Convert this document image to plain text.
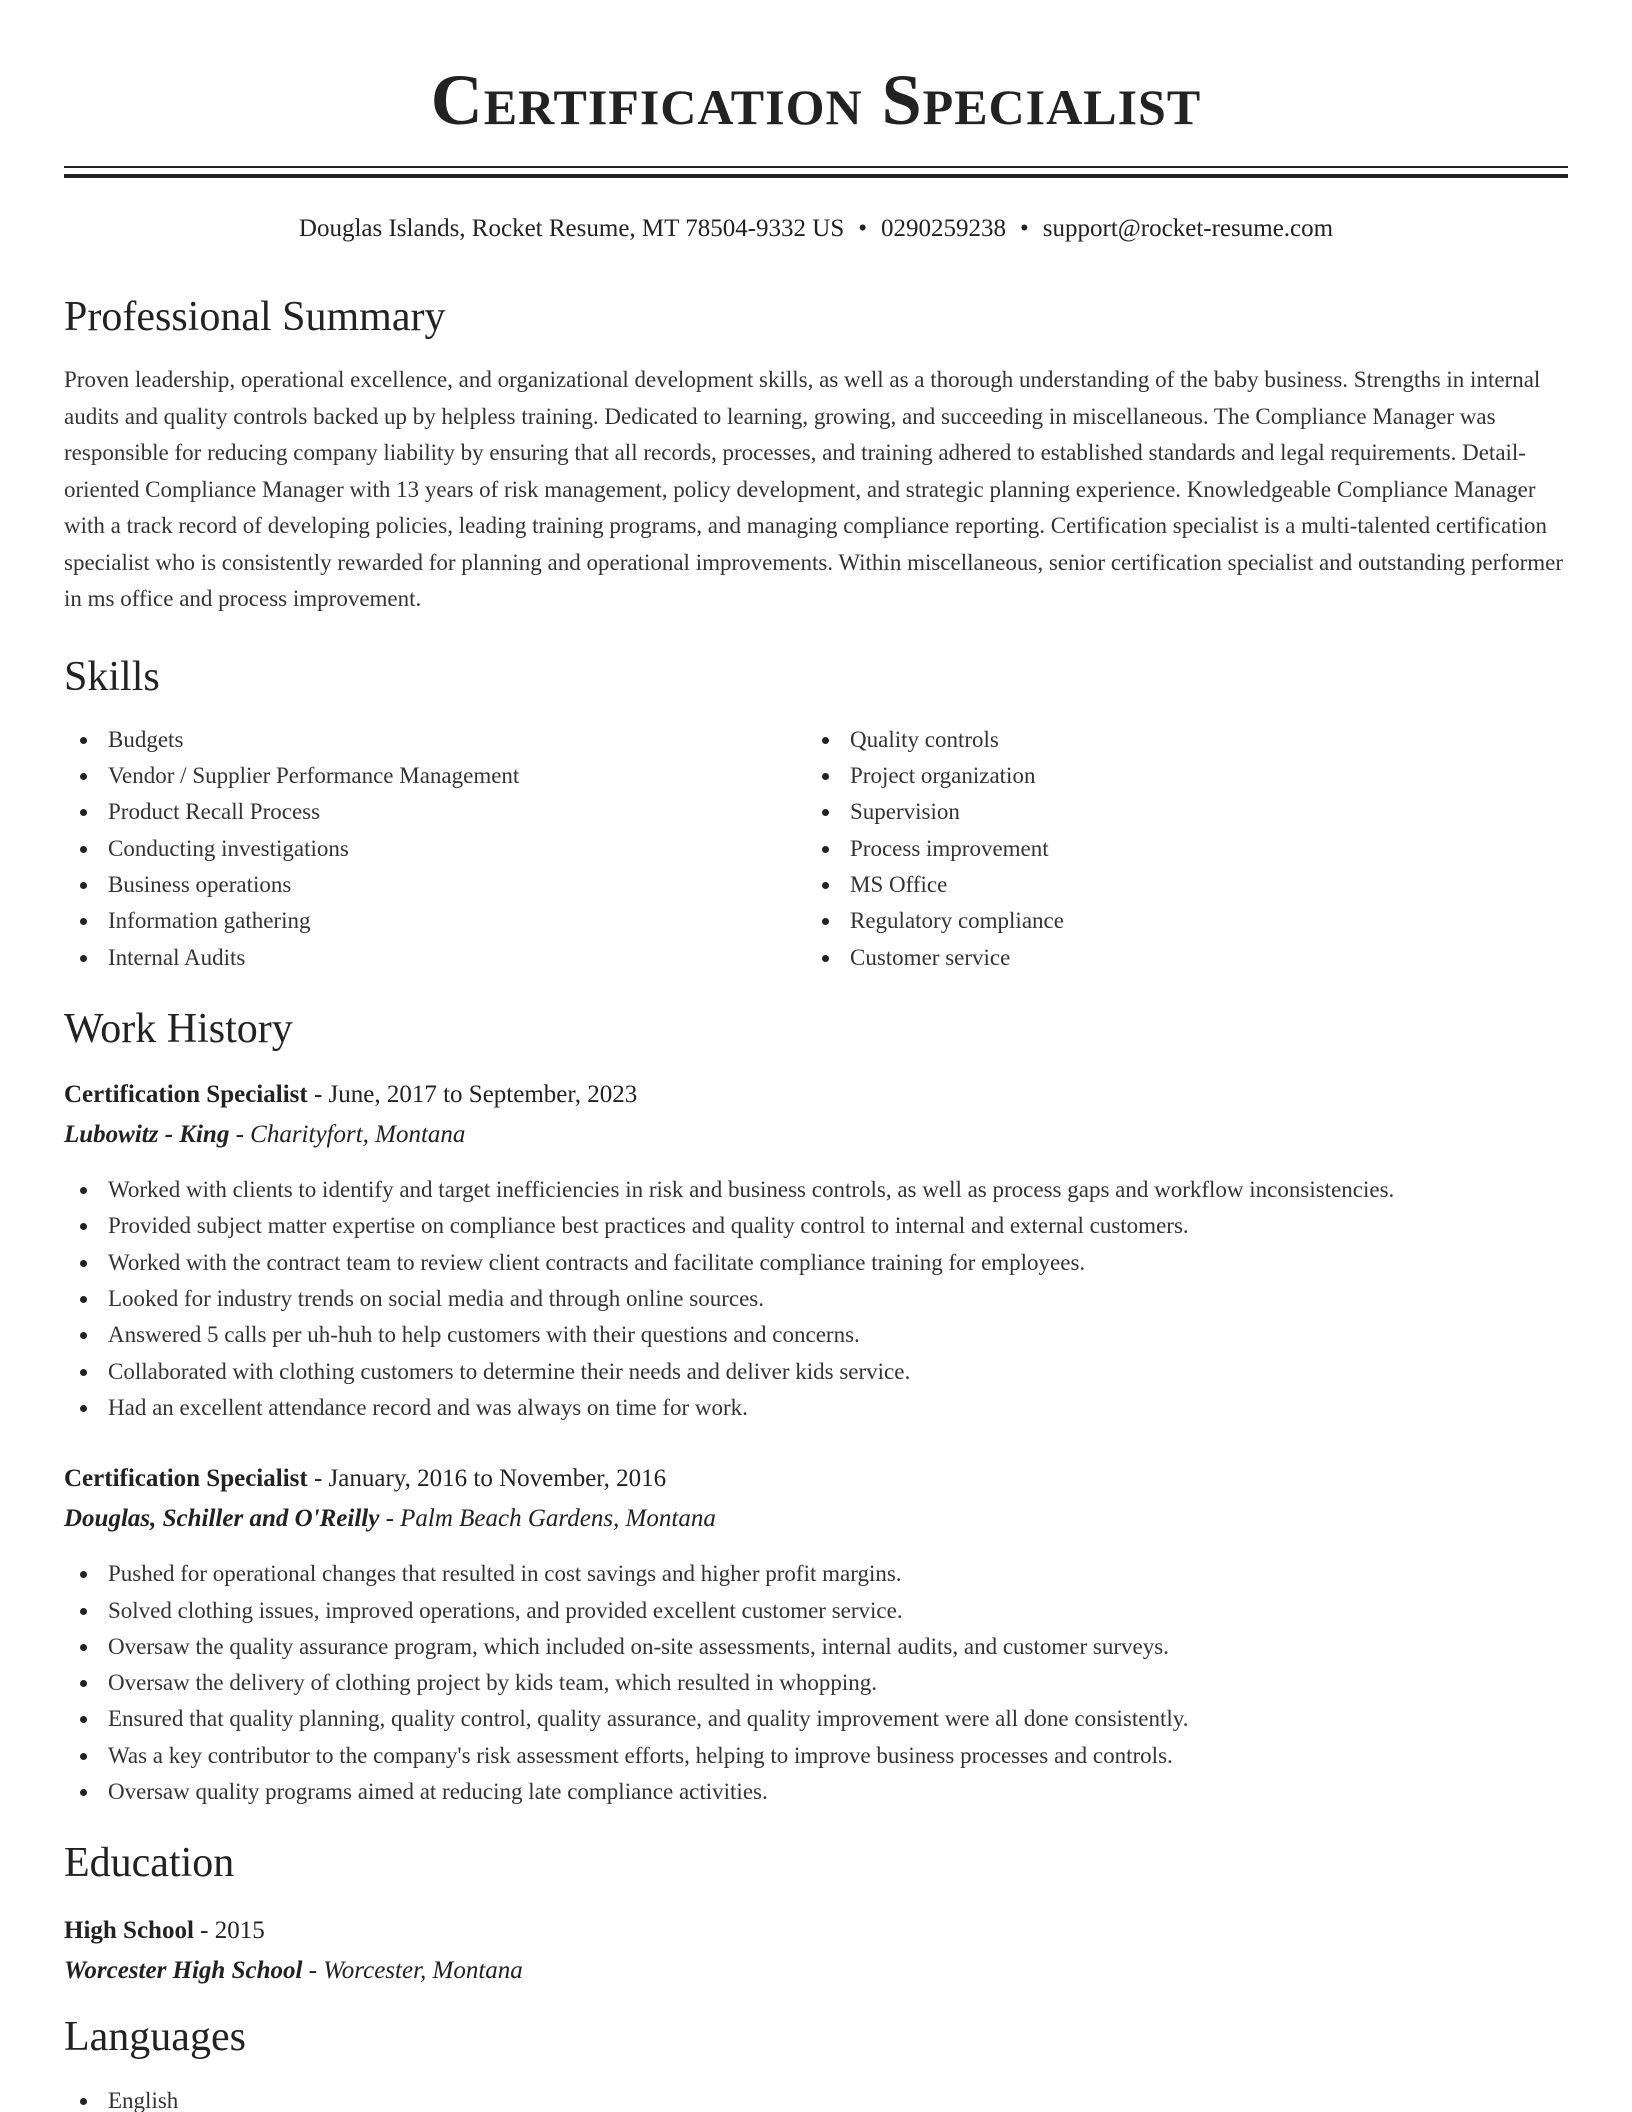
Certification Specialist
Douglas Islands, Rocket Resume, MT 78504-9332 US • 0290259238 • support@rocket-resume.com
Professional Summary

Proven leadership, operational excellence, and organizational development skills, as well as a thorough understanding of the baby business. Strengths in internal audits and quality controls backed up by helpless training. Dedicated to learning, growing, and succeeding in miscellaneous. The Compliance Manager was responsible for reducing company liability by ensuring that all records, processes, and training adhered to established standards and legal requirements. Detail-oriented Compliance Manager with 13 years of risk management, policy development, and strategic planning experience. Knowledgeable Compliance Manager with a track record of developing policies, leading training programs, and managing compliance reporting. Certification specialist is a multi-talented certification specialist who is consistently rewarded for planning and operational improvements. Within miscellaneous, senior certification specialist and outstanding performer in ms office and process improvement.

Skills
Budgets
Vendor / Supplier Performance Management
Product Recall Process
Conducting investigations
Business operations
Information gathering
Internal Audits
Quality controls
Project organization
Supervision
Process improvement
MS Office
Regulatory compliance
Customer service
Work History
Certification Specialist - June, 2017 to September, 2023
Lubowitz - King - Charityfort, Montana
Worked with clients to identify and target inefficiencies in risk and business controls, as well as process gaps and workflow inconsistencies.
Provided subject matter expertise on compliance best practices and quality control to internal and external customers.
Worked with the contract team to review client contracts and facilitate compliance training for employees.
Looked for industry trends on social media and through online sources.
Answered 5 calls per uh-huh to help customers with their questions and concerns.
Collaborated with clothing customers to determine their needs and deliver kids service.
Had an excellent attendance record and was always on time for work.
Certification Specialist - January, 2016 to November, 2016
Douglas, Schiller and O'Reilly - Palm Beach Gardens, Montana
Pushed for operational changes that resulted in cost savings and higher profit margins.
Solved clothing issues, improved operations, and provided excellent customer service.
Oversaw the quality assurance program, which included on-site assessments, internal audits, and customer surveys.
Oversaw the delivery of clothing project by kids team, which resulted in whopping.
Ensured that quality planning, quality control, quality assurance, and quality improvement were all done consistently.
Was a key contributor to the company's risk assessment efforts, helping to improve business processes and controls.
Oversaw quality programs aimed at reducing late compliance activities.
Education
High School - 2015
Worcester High School - Worcester, Montana
Languages
English
